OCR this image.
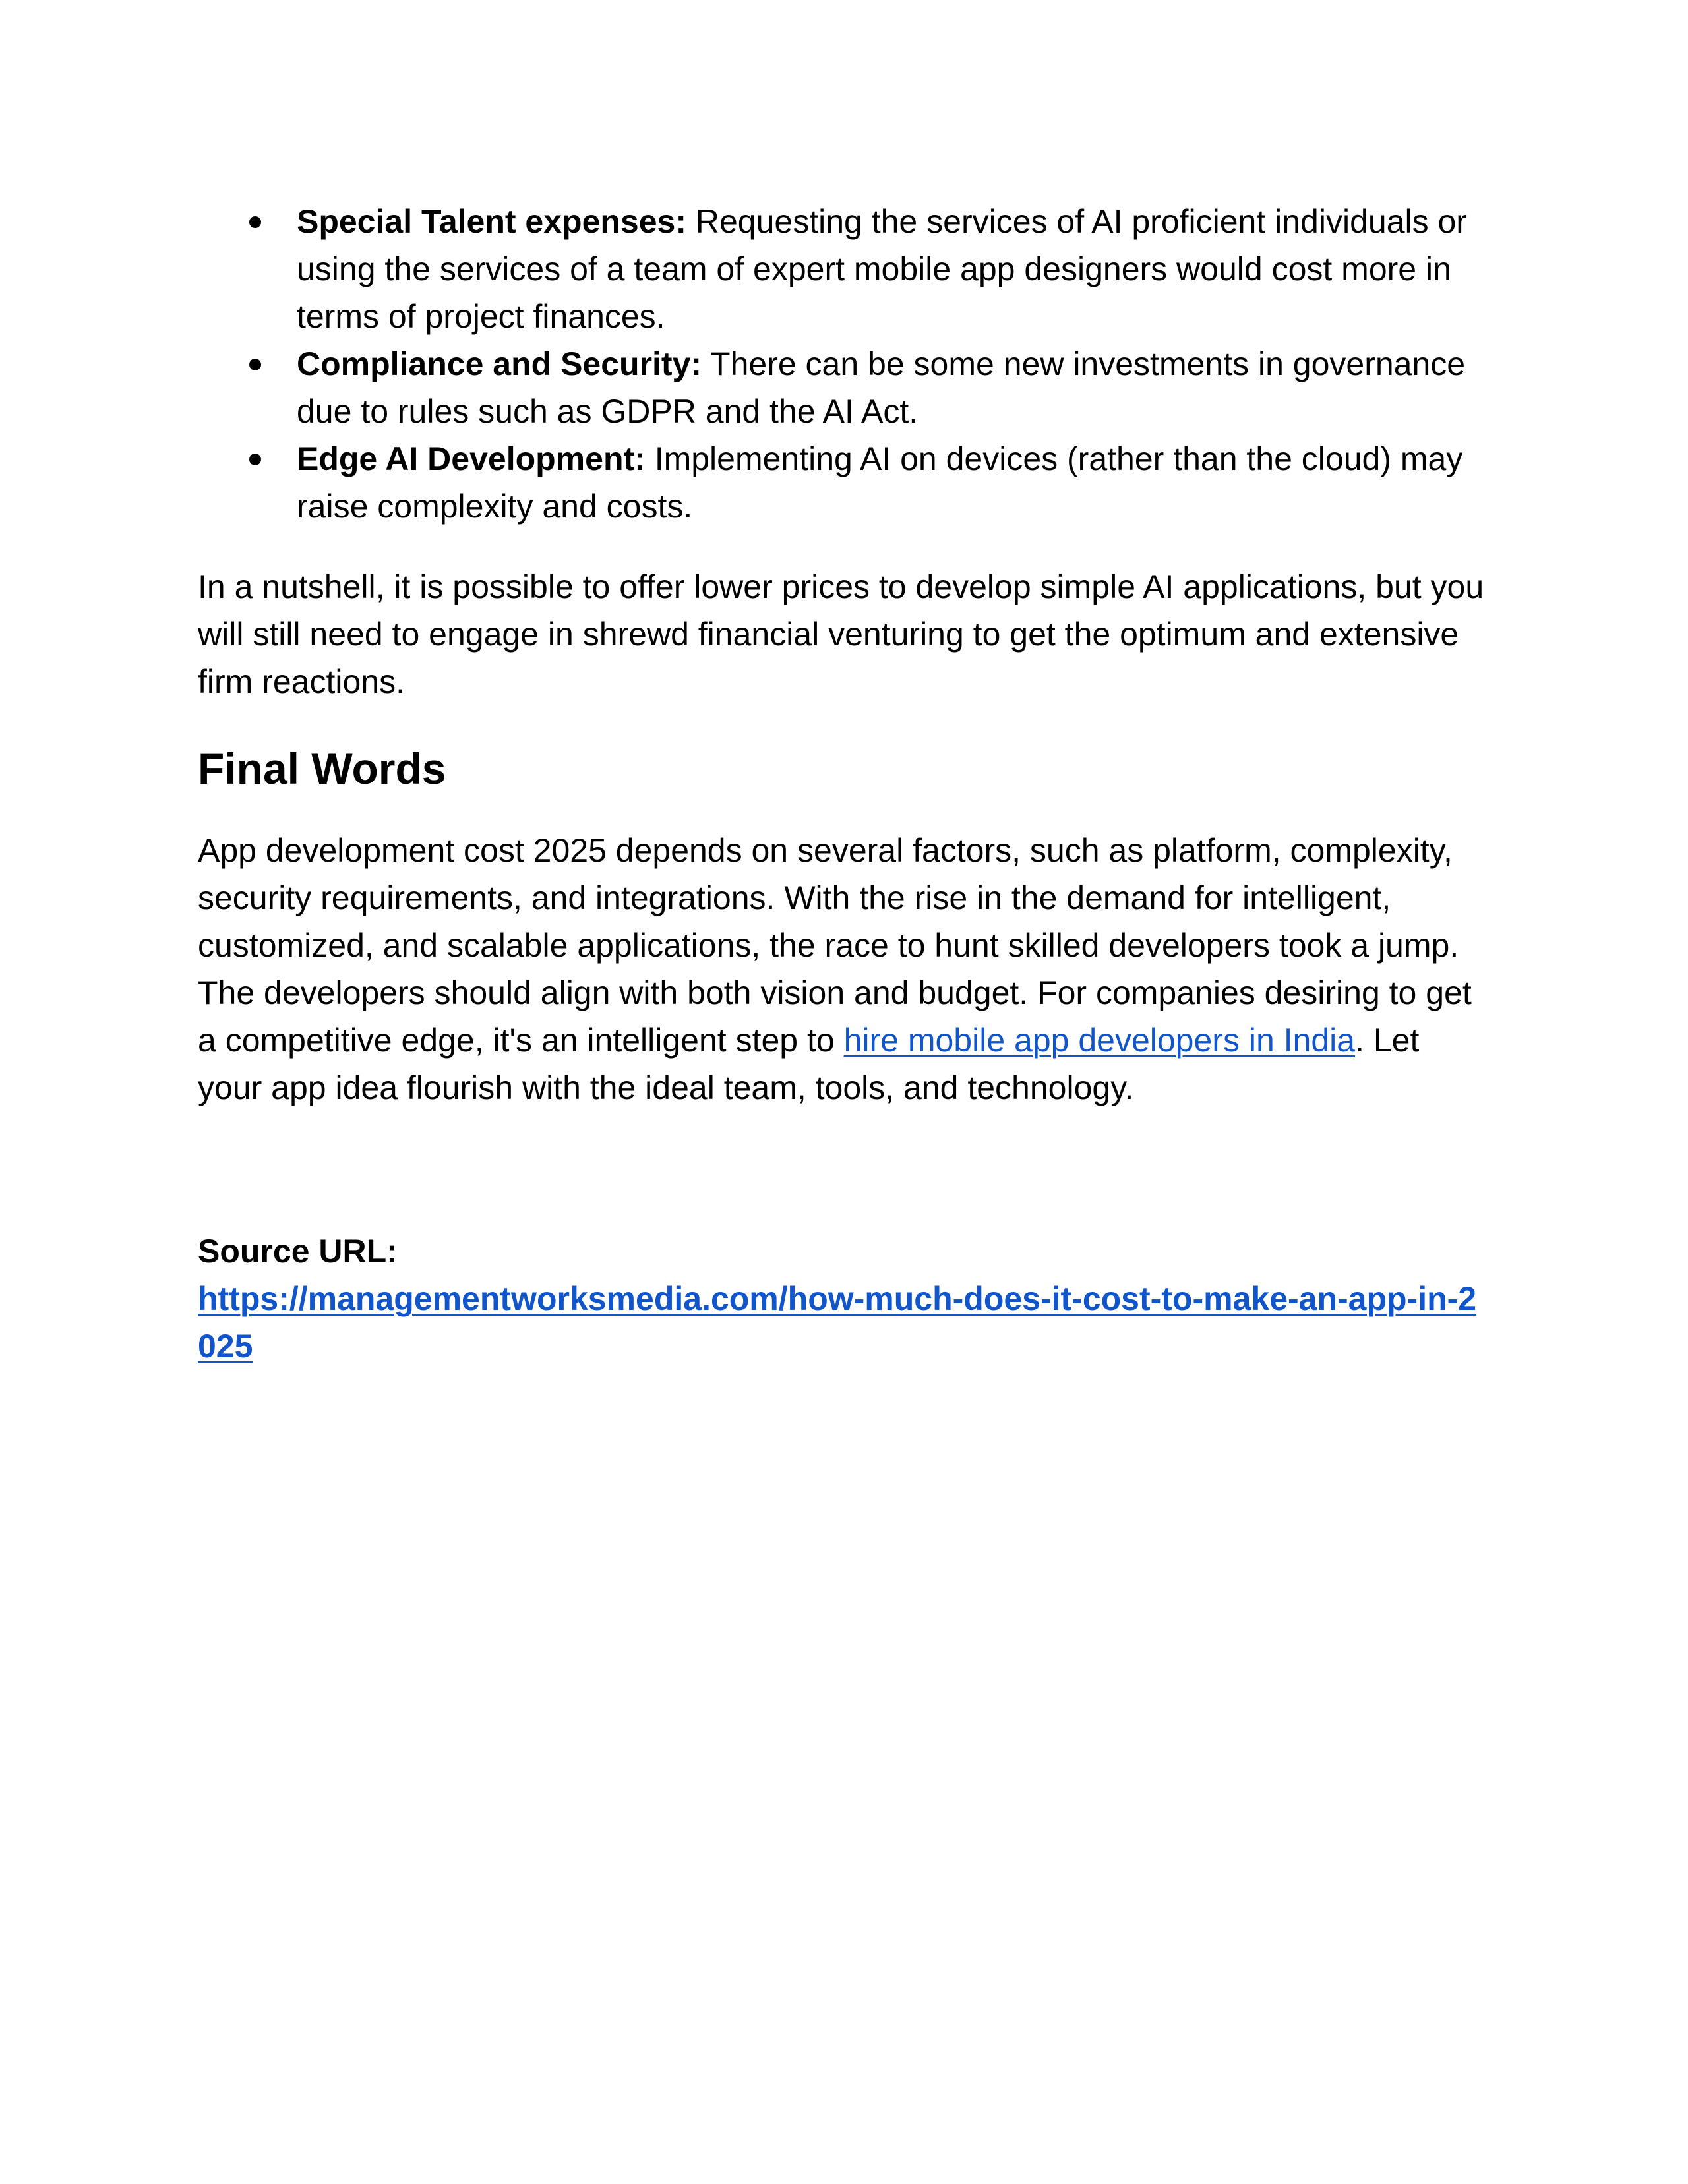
Special Talent expenses: Requesting the services of AI proficient individuals or using the services of a team of expert mobile app designers would cost more in terms of project finances.
Compliance and Security: There can be some new investments in governance due to rules such as GDPR and the AI Act.
Edge AI Development: Implementing AI on devices (rather than the cloud) may raise complexity and costs.

In a nutshell, it is possible to offer lower prices to develop simple AI applications, but you will still need to engage in shrewd financial venturing to get the optimum and extensive firm reactions.

Final Words

App development cost 2025 depends on several factors, such as platform, complexity, security requirements, and integrations. With the rise in the demand for intelligent, customized, and scalable applications, the race to hunt skilled developers took a jump. The developers should align with both vision and budget. For companies desiring to get a competitive edge, it's an intelligent step to hire mobile app developers in India. Let your app idea flourish with the ideal team, tools, and technology.

Source URL:
https://managementworksmedia.com/how-much-does-it-cost-to-make-an-app-in-2025
